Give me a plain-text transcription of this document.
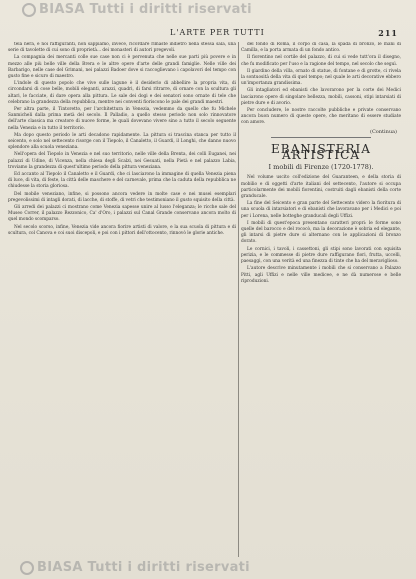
BIASA Tutti i diritti riservati
L'ARTE PER TUTTI	211

tela nera, e noi raffiguranti, non sappiamo, invece, ricordare rimaste indietro nella stessa sala, una serie di tavolette di cui sono di proprietà... dei monasteri di autori pregevoli.

La compagnia dei mercanti colle sue case non ci è pervenuta che nelle sue parti più povere e in mezzo alle più belle ville della Brera e le altre opere d'arte delle grandi famiglie. Nelle ville dei Barbarigo, nelle case del Grimani, nei palazzi Badoer dove si raccoglievano i capolavori del tempo con gusto fine e sicuro di maestro.

L'indole di questo popolo che vive sulle lagune è il desiderio di abbellire la propria vita, di circondarsi di cose belle, mobili eleganti, arazzi, quadri, di farsi ritrarre, di ornare con la scultura gli altari, le facciate, di dare opera alla pittura. Le sale dei dogi e dei senatori sono ornate di tele che celebrano la grandezza della repubblica, mentre nei conventi fioriscono le pale dei grandi maestri.

Per altra parte, il Tintoretto, per l'architettura in Venezia, vedemmo da quello che fu Michele Sanmicheli dalla prima metà del secolo. Il Palladio, a quello stesso periodo non solo rinnovatore dell'arte classica ma creatore di nuove forme, le quali dovevano vivere sino a tutto il secolo seguente nella Venezia e in tutto il territorio.

Ma dopo questo periodo le arti decadono rapidamente. La pittura si trascina stanca per tutto il seicento, e solo nel settecento risorge con il Tiepolo, il Canaletto, il Guardi, il Longhi, che danno nuovo splendore alla scuola veneziana.

Nell'opera del Tiepolo in Venezia e nel suo territorio, nelle ville della Brenta, dei colli Euganei, nei palazzi di Udine, di Vicenza, nella chiesa degli Scalzi, nei Gesuati, nella Pietà e nel palazzo Labia, troviamo la grandezza di quest'ultimo periodo della pittura veneziana.

Ed accanto al Tiepolo il Canaletto e il Guardi, che ci lasciarono la immagine di quella Venezia piena di luce, di vita, di feste, la città delle maschere e del carnevale, prima che la caduta della repubblica ne chiudesse la storia gloriosa.

Del mobile veneziano, infine, si possono ancora vedere in molte case e nei musei esemplari pregevolissimi di intagli dorati, di lacche, di stoffe, di vetri che testimoniano il gusto squisito della città.

Gli arredi dei palazzi ci mostrano come Venezia sapesse unire al lusso l'eleganza; le ricche sale del Museo Correr, il palazzo Rezzonico, Ca' d'Oro, i palazzi sul Canal Grande conservano ancora molto di quel mondo scomparso.

Nel secolo scorso, infine, Venezia vide ancora fiorire artisti di valore, e la sua scuola di pittura e di scultura, col Canova e coi suoi discepoli, e poi con i pittori dell'ottocento, rinnovò le glorie antiche.

del fondo di Roma, il corpo di casa, la spada di bronzo, le mani di Camilla, e la porta armata di un fondo antico.

Il fiorentino nel cortile del palazzo, di cui si vede tutt'ora il disegno, che fu modificato per l'uso e la ragione del tempo, nel secolo che seguì.

Il giardino della villa, ornato di statue, di fontane e di grotte, ci rivela la sontuosità della vita di quel tempo; nel quale le arti decorative ebbero un'importanza grandissima.

Gli intagliatori ed ebanisti che lavorarono per la corte dei Medici lasciarono opere di singolare bellezza, mobili, cassoni, stipi intarsiati di pietre dure e di avorio.

Per concludere, le nostre raccolte pubbliche e private conservano ancora buon numero di queste opere, che meritano di essere studiate con amore.

(Continua)
EBANISTERIA ARTISTICA
I mobili di Firenze (1720-1778).

Nel volume uscito coll'edizione del Guaranteen, e della storia di mobilio e di oggetti d'arte italiani del settecento, l'autore si occupa particolarmente dei mobili fiorentini, costruiti dagli ebanisti della corte granducale.

La fine del Seicento e gran parte del Settecento videro la fioritura di una scuola di intarsiatori e di ebanisti che lavoravano per i Medici e poi per i Lorena, nelle botteghe granducali degli Uffizi.

I mobili di quest'epoca presentano caratteri propri: le forme sono quelle del barocco e del rococò, ma la decorazione è sobria ed elegante, gli intarsi di pietre dure si alternano con le applicazioni di bronzo dorato.

Le cornici, i tavoli, i cassettoni, gli stipi sono lavorati con squisita perizia, e le commesse di pietre dure raffigurano fiori, frutta, uccelli, paesaggi, con una verità ed una finezza di tinte che ha del meraviglioso.

L'autore descrive minutamente i mobili che si conservano a Palazzo Pitti, agli Uffizi e nelle ville medicee, e ne dà numerose e belle riproduzioni.

BIASA Tutti i diritti riservati
